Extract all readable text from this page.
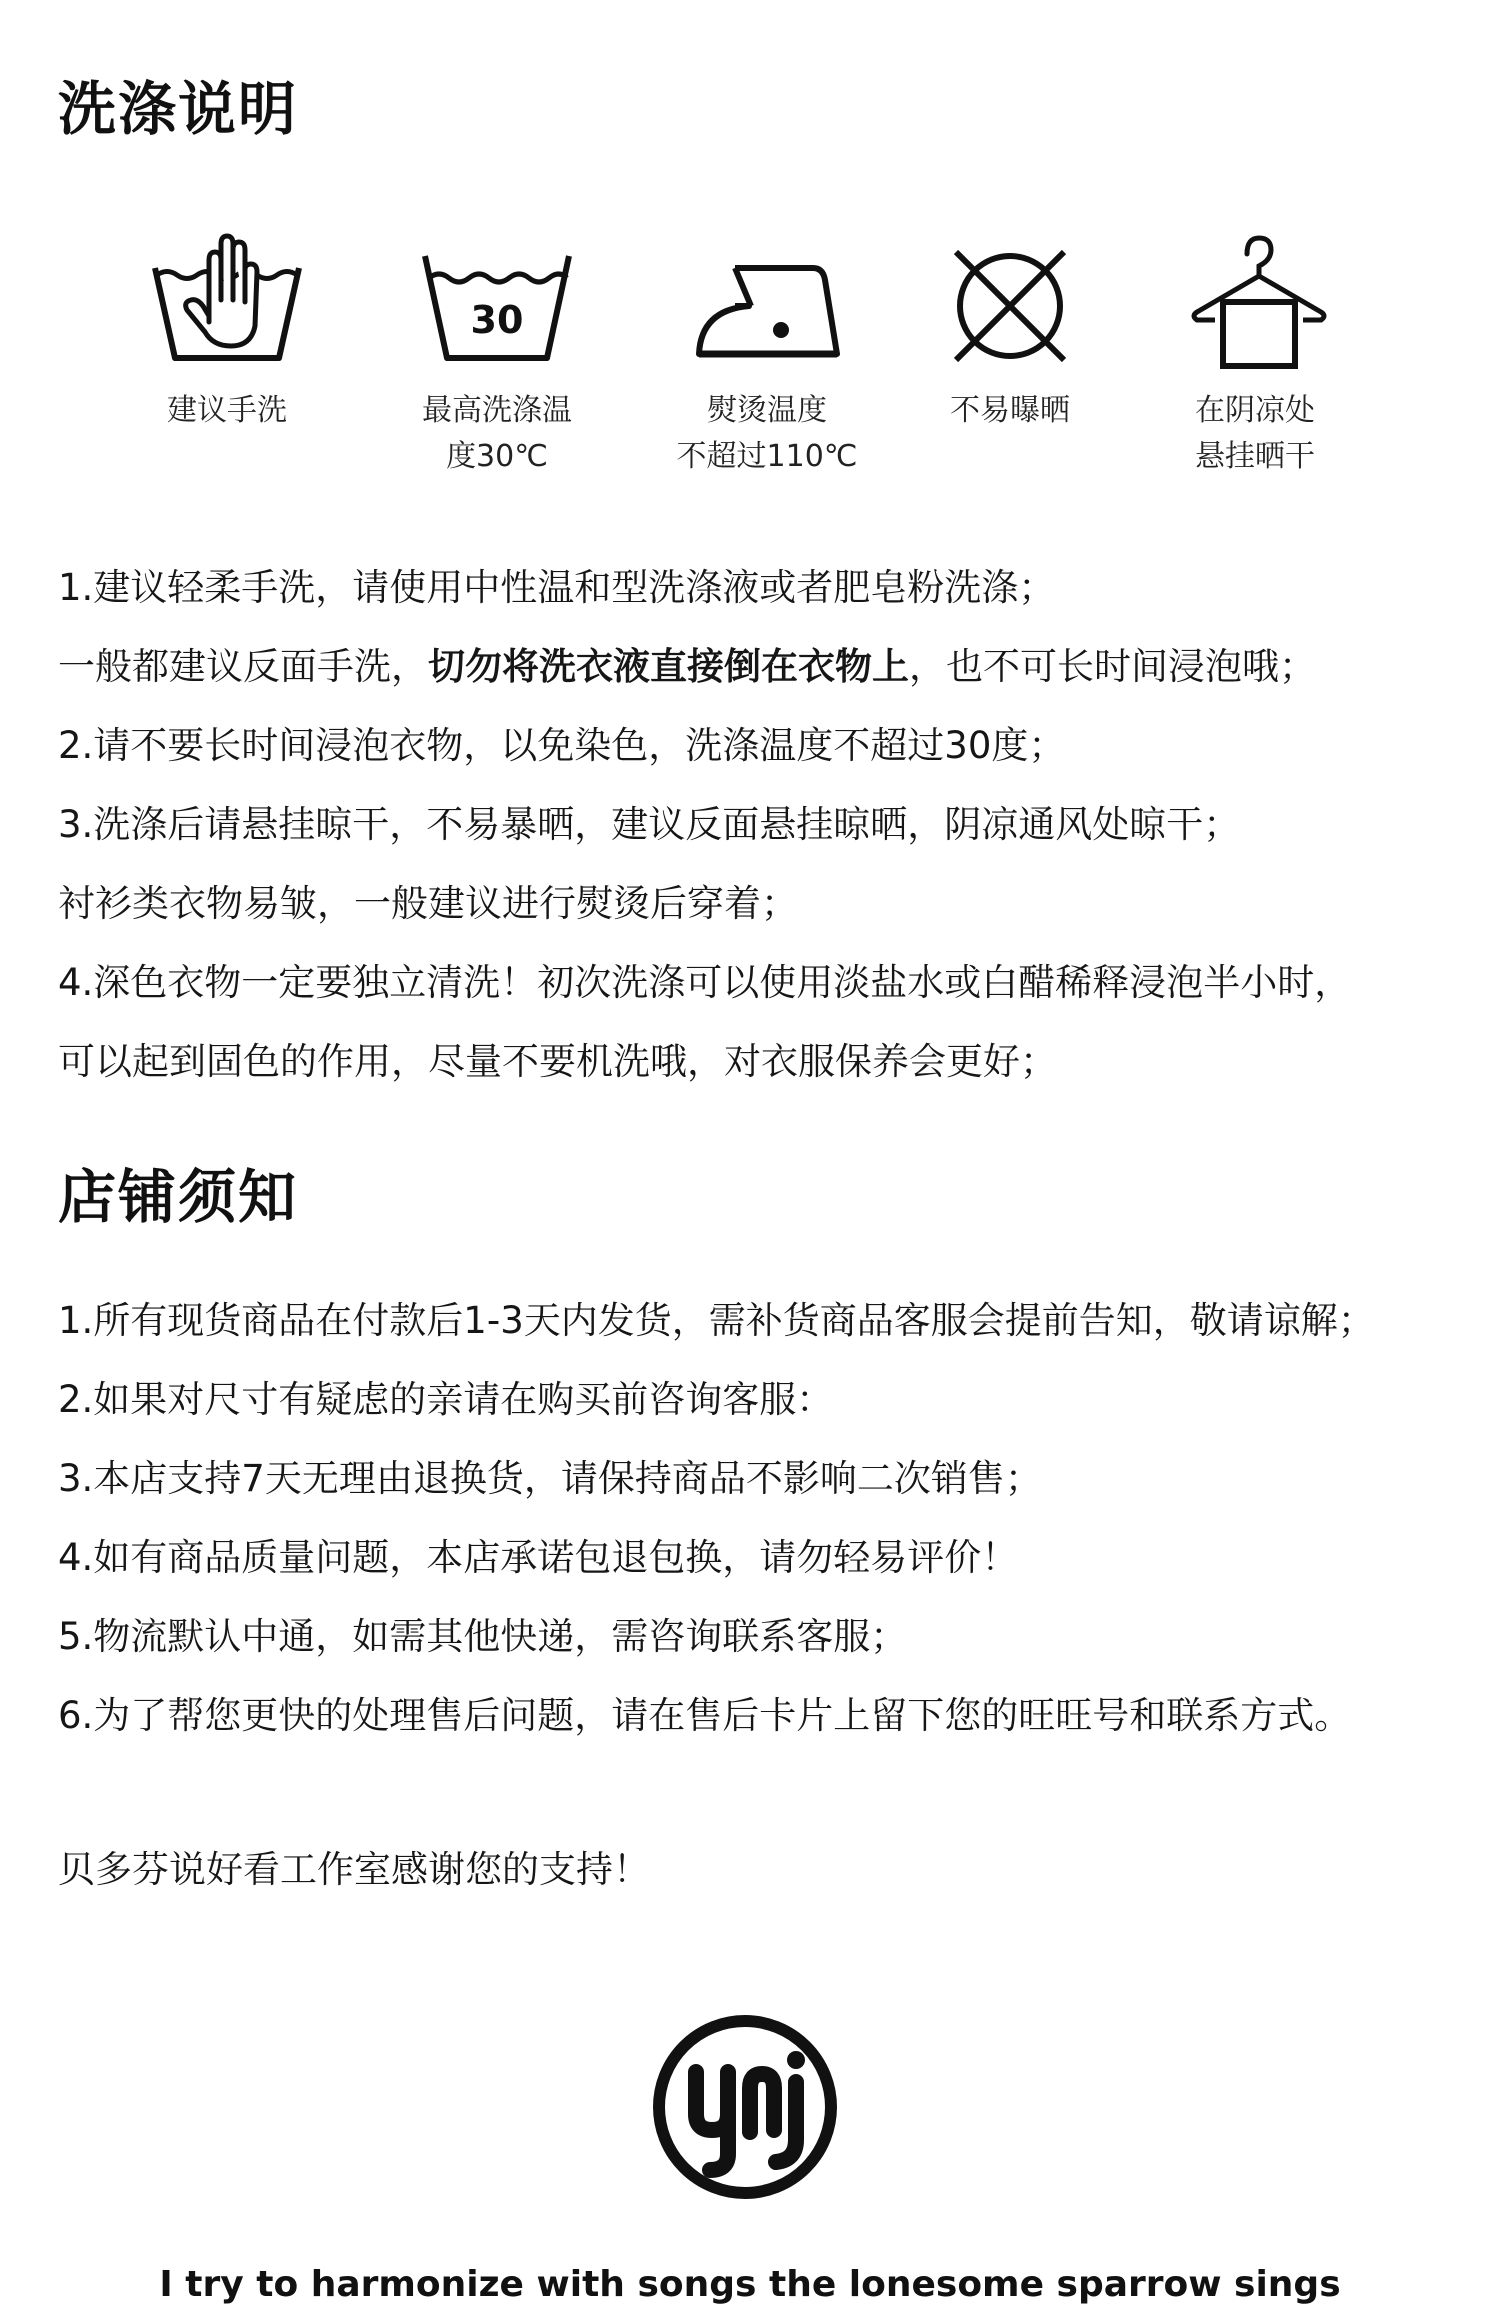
洗涤说明
建议手洗
30
最高洗涤温
度30℃
熨烫温度
不超过110℃
不易曝晒	在阴凉处
悬挂晒干
1.建议轻柔手洗，请使用中性温和型洗涤液或者肥皂粉洗涤；
一般都建议反面手洗，切勿将洗衣液直接倒在衣物上，也不可长时间浸泡哦；
2.请不要长时间浸泡衣物，以免染色，洗涤温度不超过30度；
3.洗涤后请悬挂晾干，不易暴晒，建议反面悬挂晾晒，阴凉通风处晾干；
衬衫类衣物易皱，一般建议进行熨烫后穿着；
4.深色衣物一定要独立清洗！初次洗涤可以使用淡盐水或白醋稀释浸泡半小时，
可以起到固色的作用，尽量不要机洗哦，对衣服保养会更好；
店铺须知
1.所有现货商品在付款后1-3天内发货，需补货商品客服会提前告知，敬请谅解；
2.如果对尺寸有疑虑的亲请在购买前咨询客服：
3.本店支持7天无理由退换货，请保持商品不影响二次销售；
4.如有商品质量问题，本店承诺包退包换，请勿轻易评价！
5.物流默认中通，如需其他快递，需咨询联系客服；
6.为了帮您更快的处理售后问题，请在售后卡片上留下您的旺旺号和联系方式。

贝多芬说好看工作室感谢您的支持！

I try to harmonize with songs the lonesome sparrow sings
